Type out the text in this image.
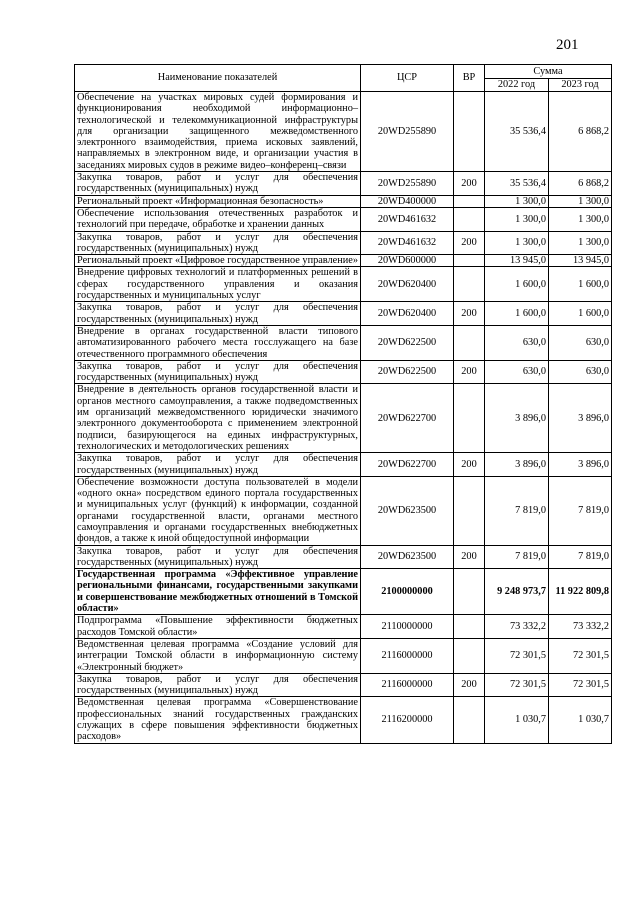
201
Наименование показателей	ЦСР	ВР	Сумма	
			2022 год	2023 год
Обеспечение на участках мировых судей формирования и функционирования необходимой информационно–технологической и телекоммуникационной инфраструктуры для организации защищенного межведомственного электронного взаимодействия, приема исковых заявлений, направляемых в электронном виде, и организации участия в заседаниях мировых судов в режиме видео–конференц–связи	20WD255890		35 536,4	6 868,2
Закупка товаров, работ и услуг для обеспечения государственных (муниципальных) нужд	20WD255890	200	35 536,4	6 868,2
Региональный проект «Информационная безопасность»	20WD400000		1 300,0	1 300,0
Обеспечение использования отечественных разработок и технологий при передаче, обработке и хранении данных	20WD461632		1 300,0	1 300,0
Закупка товаров, работ и услуг для обеспечения государственных (муниципальных) нужд	20WD461632	200	1 300,0	1 300,0
Региональный проект «Цифровое государственное управление»	20WD600000		13 945,0	13 945,0
Внедрение цифровых технологий и платформенных решений в сферах государственного управления и оказания государственных и муниципальных услуг	20WD620400		1 600,0	1 600,0
Закупка товаров, работ и услуг для обеспечения государственных (муниципальных) нужд	20WD620400	200	1 600,0	1 600,0
Внедрение в органах государственной власти типового автоматизированного рабочего места госслужащего на базе отечественного программного обеспечения	20WD622500		630,0	630,0
Закупка товаров, работ и услуг для обеспечения государственных (муниципальных) нужд	20WD622500	200	630,0	630,0
Внедрение в деятельность органов государственной власти и органов местного самоуправления, а также подведомственных им организаций межведомственного юридически значимого электронного документооборота с применением электронной подписи, базирующегося на единых инфраструктурных, технологических и методологических решениях	20WD622700		3 896,0	3 896,0
Закупка товаров, работ и услуг для обеспечения государственных (муниципальных) нужд	20WD622700	200	3 896,0	3 896,0
Обеспечение возможности доступа пользователей в модели «одного окна» посредством единого портала государственных и муниципальных услуг (функций) к информации, созданной органами государственной власти, органами местного самоуправления и органами государственных внебюджетных фондов, а также к иной общедоступной информации	20WD623500		7 819,0	7 819,0
Закупка товаров, работ и услуг для обеспечения государственных (муниципальных) нужд	20WD623500	200	7 819,0	7 819,0
Государственная программа «Эффективное управление региональными финансами, государственными закупками и совершенствование межбюджетных отношений в Томской области»	2100000000		9 248 973,7	11 922 809,8
Подпрограмма «Повышение эффективности бюджетных расходов Томской области»	2110000000		73 332,2	73 332,2
Ведомственная целевая программа «Создание условий для интеграции Томской области в информационную систему «Электронный бюджет»	2116000000		72 301,5	72 301,5
Закупка товаров, работ и услуг для обеспечения государственных (муниципальных) нужд	2116000000	200	72 301,5	72 301,5
Ведомственная целевая программа «Совершенствование профессиональных знаний государственных гражданских служащих в сфере повышения эффективности бюджетных расходов»	2116200000		1 030,7	1 030,7
